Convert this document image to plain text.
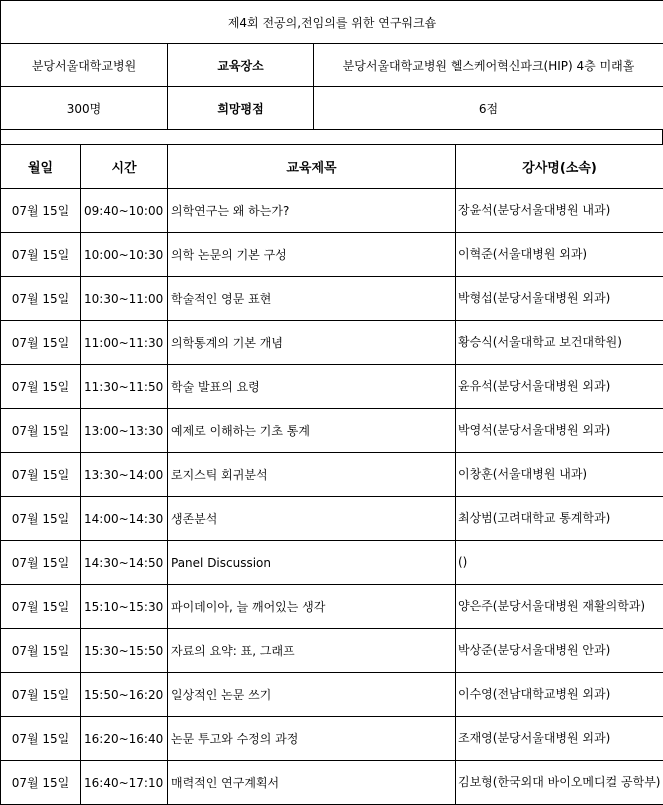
제4회 전공의,전임의를 위한 연구워크숍		
분당서울대학교병원	교육장소	분당서울대학교병원 헬스케어혁신파크(HIP) 4층 미래홀
300명	희망평점	6점
월일	시간	교육제목	강사명(소속)
07월 15일	09:40~10:00	의학연구는 왜 하는가?	장윤석(분당서울대병원 내과)
07월 15일	10:00~10:30	의학 논문의 기본 구성	이혁준(서울대병원 외과)
07월 15일	10:30~11:00	학술적인 영문 표현	박형섭(분당서울대병원 외과)
07월 15일	11:00~11:30	의학통계의 기본 개념	황승식(서울대학교 보건대학원)
07월 15일	11:30~11:50	학술 발표의 요령	윤유석(분당서울대병원 외과)
07월 15일	13:00~13:30	예제로 이해하는 기초 통계	박영석(분당서울대병원 외과)
07월 15일	13:30~14:00	로지스틱 회귀분석	이창훈(서울대병원 내과)
07월 15일	14:00~14:30	생존분석	최상범(고려대학교 통계학과)
07월 15일	14:30~14:50	Panel Discussion	()
07월 15일	15:10~15:30	파이데이아, 늘 깨어있는 생각	양은주(분당서울대병원 재활의학과)
07월 15일	15:30~15:50	자료의 요약: 표, 그래프	박상준(분당서울대병원 안과)
07월 15일	15:50~16:20	일상적인 논문 쓰기	이수영(전남대학교병원 외과)
07월 15일	16:20~16:40	논문 투고와 수정의 과정	조재영(분당서울대병원 외과)
07월 15일	16:40~17:10	매력적인 연구계획서	김보형(한국외대 바이오메디컬 공학부)
